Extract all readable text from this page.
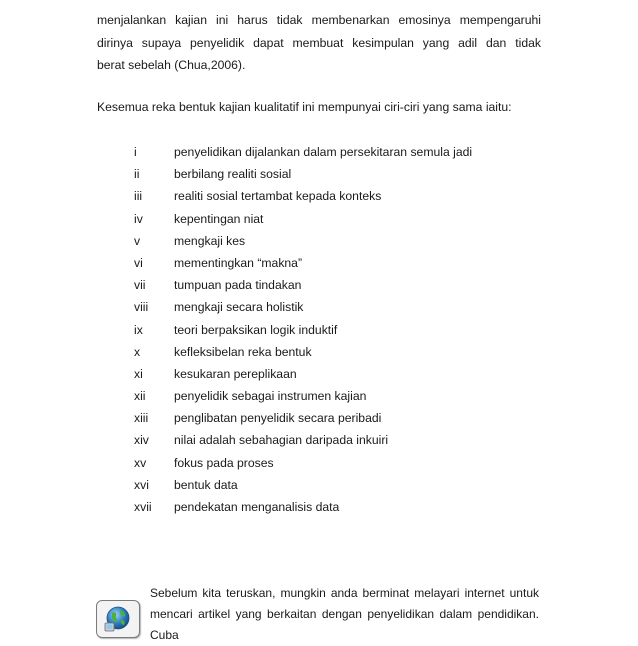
menjalankan kajian ini harus tidak membenarkan emosinya mempengaruhi
dirinya supaya penyelidik dapat membuat kesimpulan yang adil dan tidak
berat sebelah (Chua,2006).

Kesemua reka bentuk kajian kualitatif ini mempunyai ciri-ciri yang sama iaitu:

i	penyelidikan dijalankan dalam persekitaran semula jadi
ii	berbilang realiti sosial
iii	realiti sosial tertambat kepada konteks
iv	kepentingan niat
v	mengkaji kes
vi	mementingkan “makna”
vii tumpuan pada tindakan
viii mengkaji secara holistik
ix	teori berpaksikan logik induktif
x	kefleksibelan reka bentuk
xi	kesukaran pereplikaan
xii penyelidik sebagai instrumen kajian
xiii penglibatan penyelidik secara peribadi
xiv nilai adalah sebahagian daripada inkuiri
xv fokus pada proses
xvi bentuk data
xvii pendekatan menganalisis data

Sebelum kita teruskan, mungkin anda berminat melayari internet untuk
mencari artikel yang berkaitan dengan penyelidikan dalam pendidikan. Cuba
